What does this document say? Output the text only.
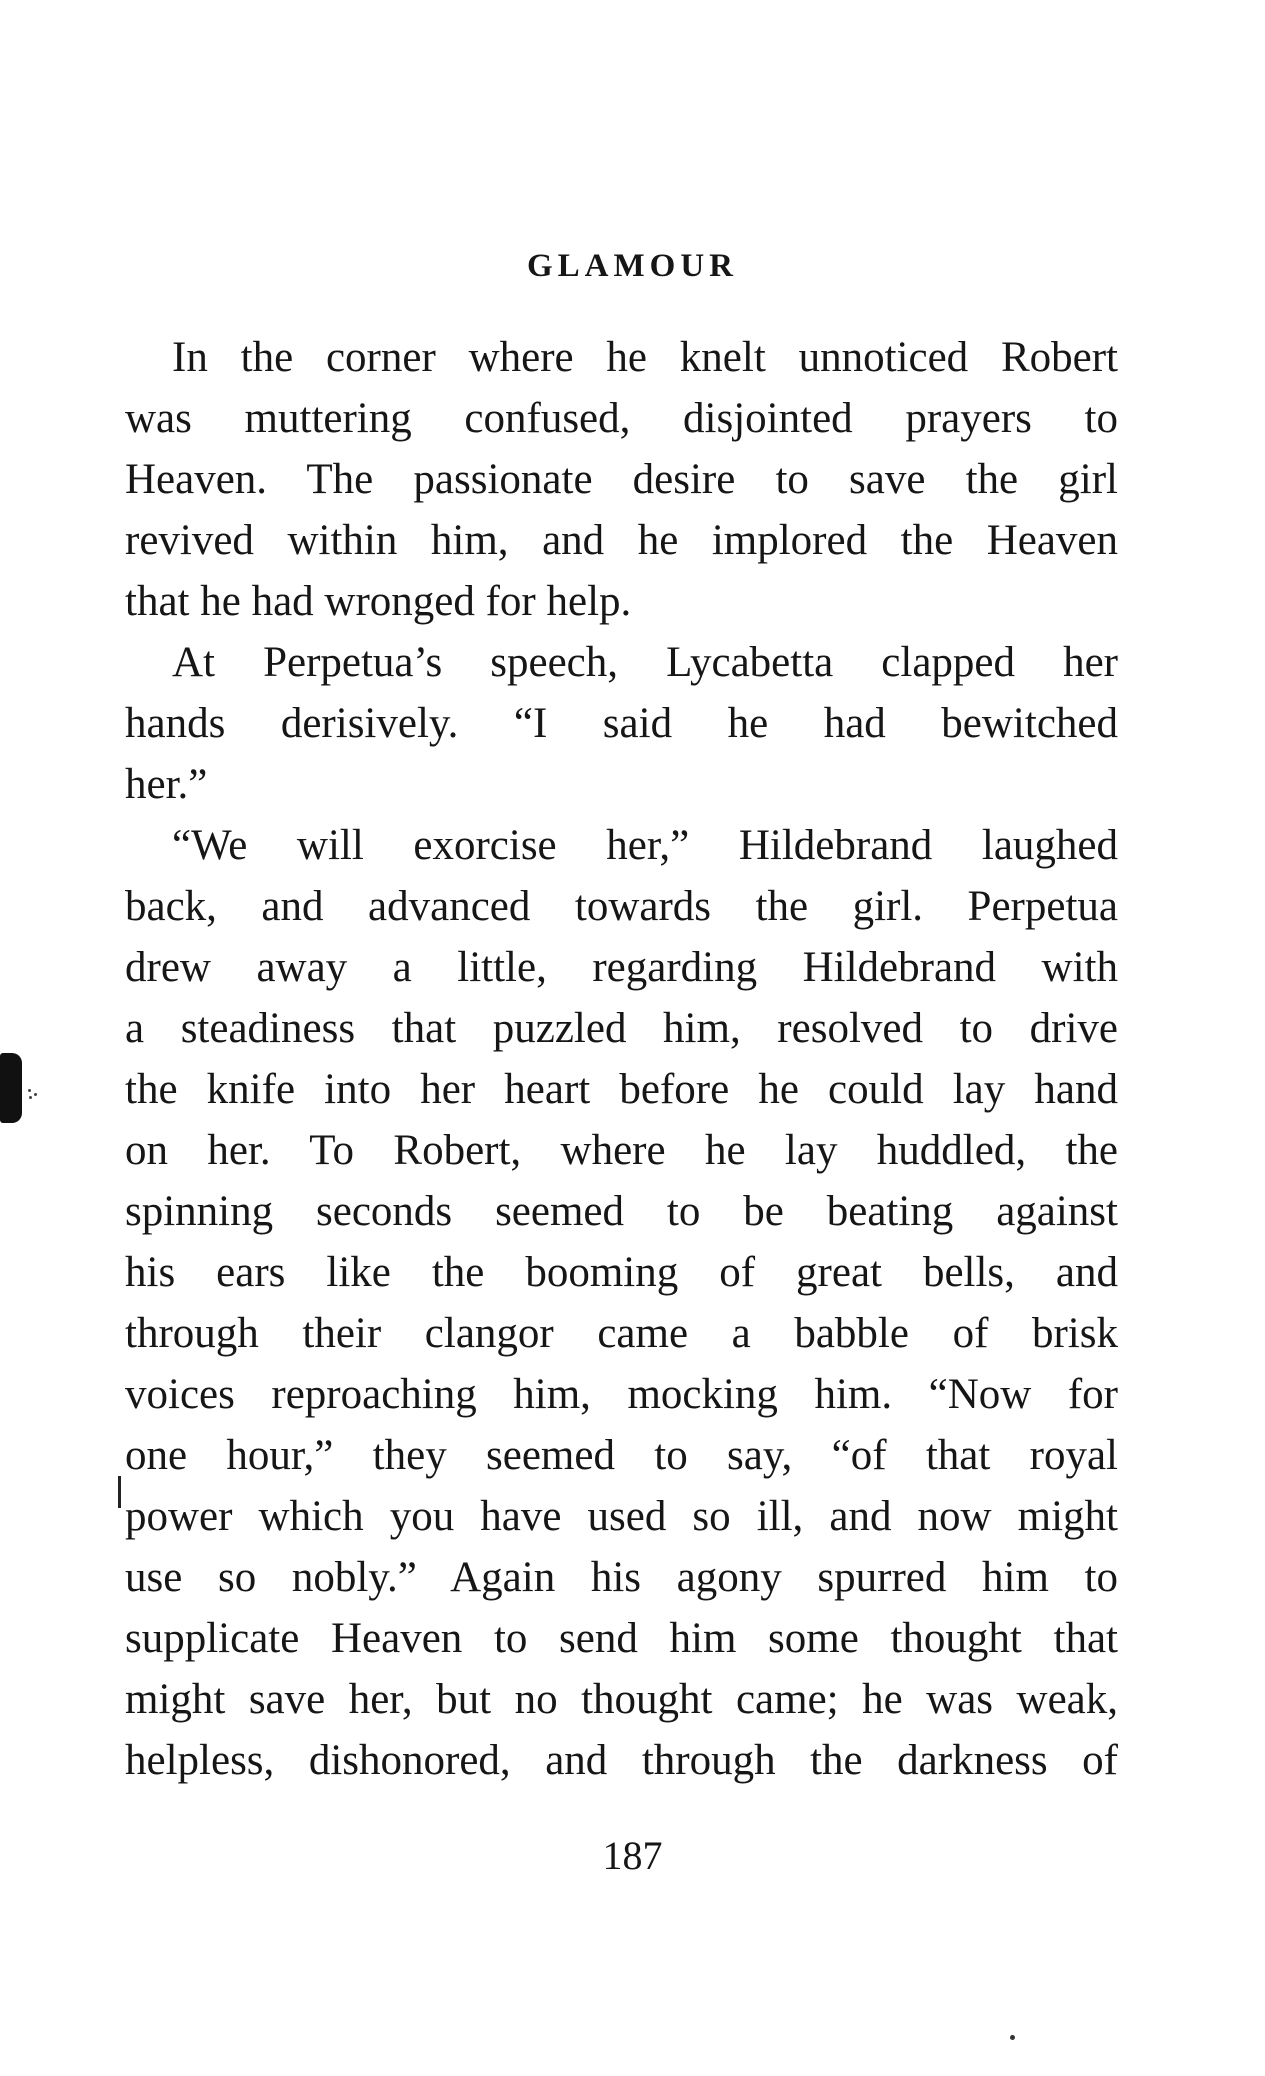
GLAMOUR
In the corner where he knelt unnoticed Robert
was muttering confused, disjointed prayers to
Heaven. The passionate desire to save the girl
revived within him, and he implored the Heaven
that he had wronged for help.
At Perpetua’s speech, Lycabetta clapped her
hands derisively. “I said he had bewitched
her.”
“We will exorcise her,” Hildebrand laughed
back, and advanced towards the girl. Perpetua
drew away a little, regarding Hildebrand with
a steadiness that puzzled him, resolved to drive
the knife into her heart before he could lay hand
on her. To Robert, where he lay huddled, the
spinning seconds seemed to be beating against
his ears like the booming of great bells, and
through their clangor came a babble of brisk
voices reproaching him, mocking him. “Now for
one hour,” they seemed to say, “of that royal
power which you have used so ill, and now might
use so nobly.” Again his agony spurred him to
supplicate Heaven to send him some thought that
might save her, but no thought came; he was weak,
helpless, dishonored, and through the darkness of
187
